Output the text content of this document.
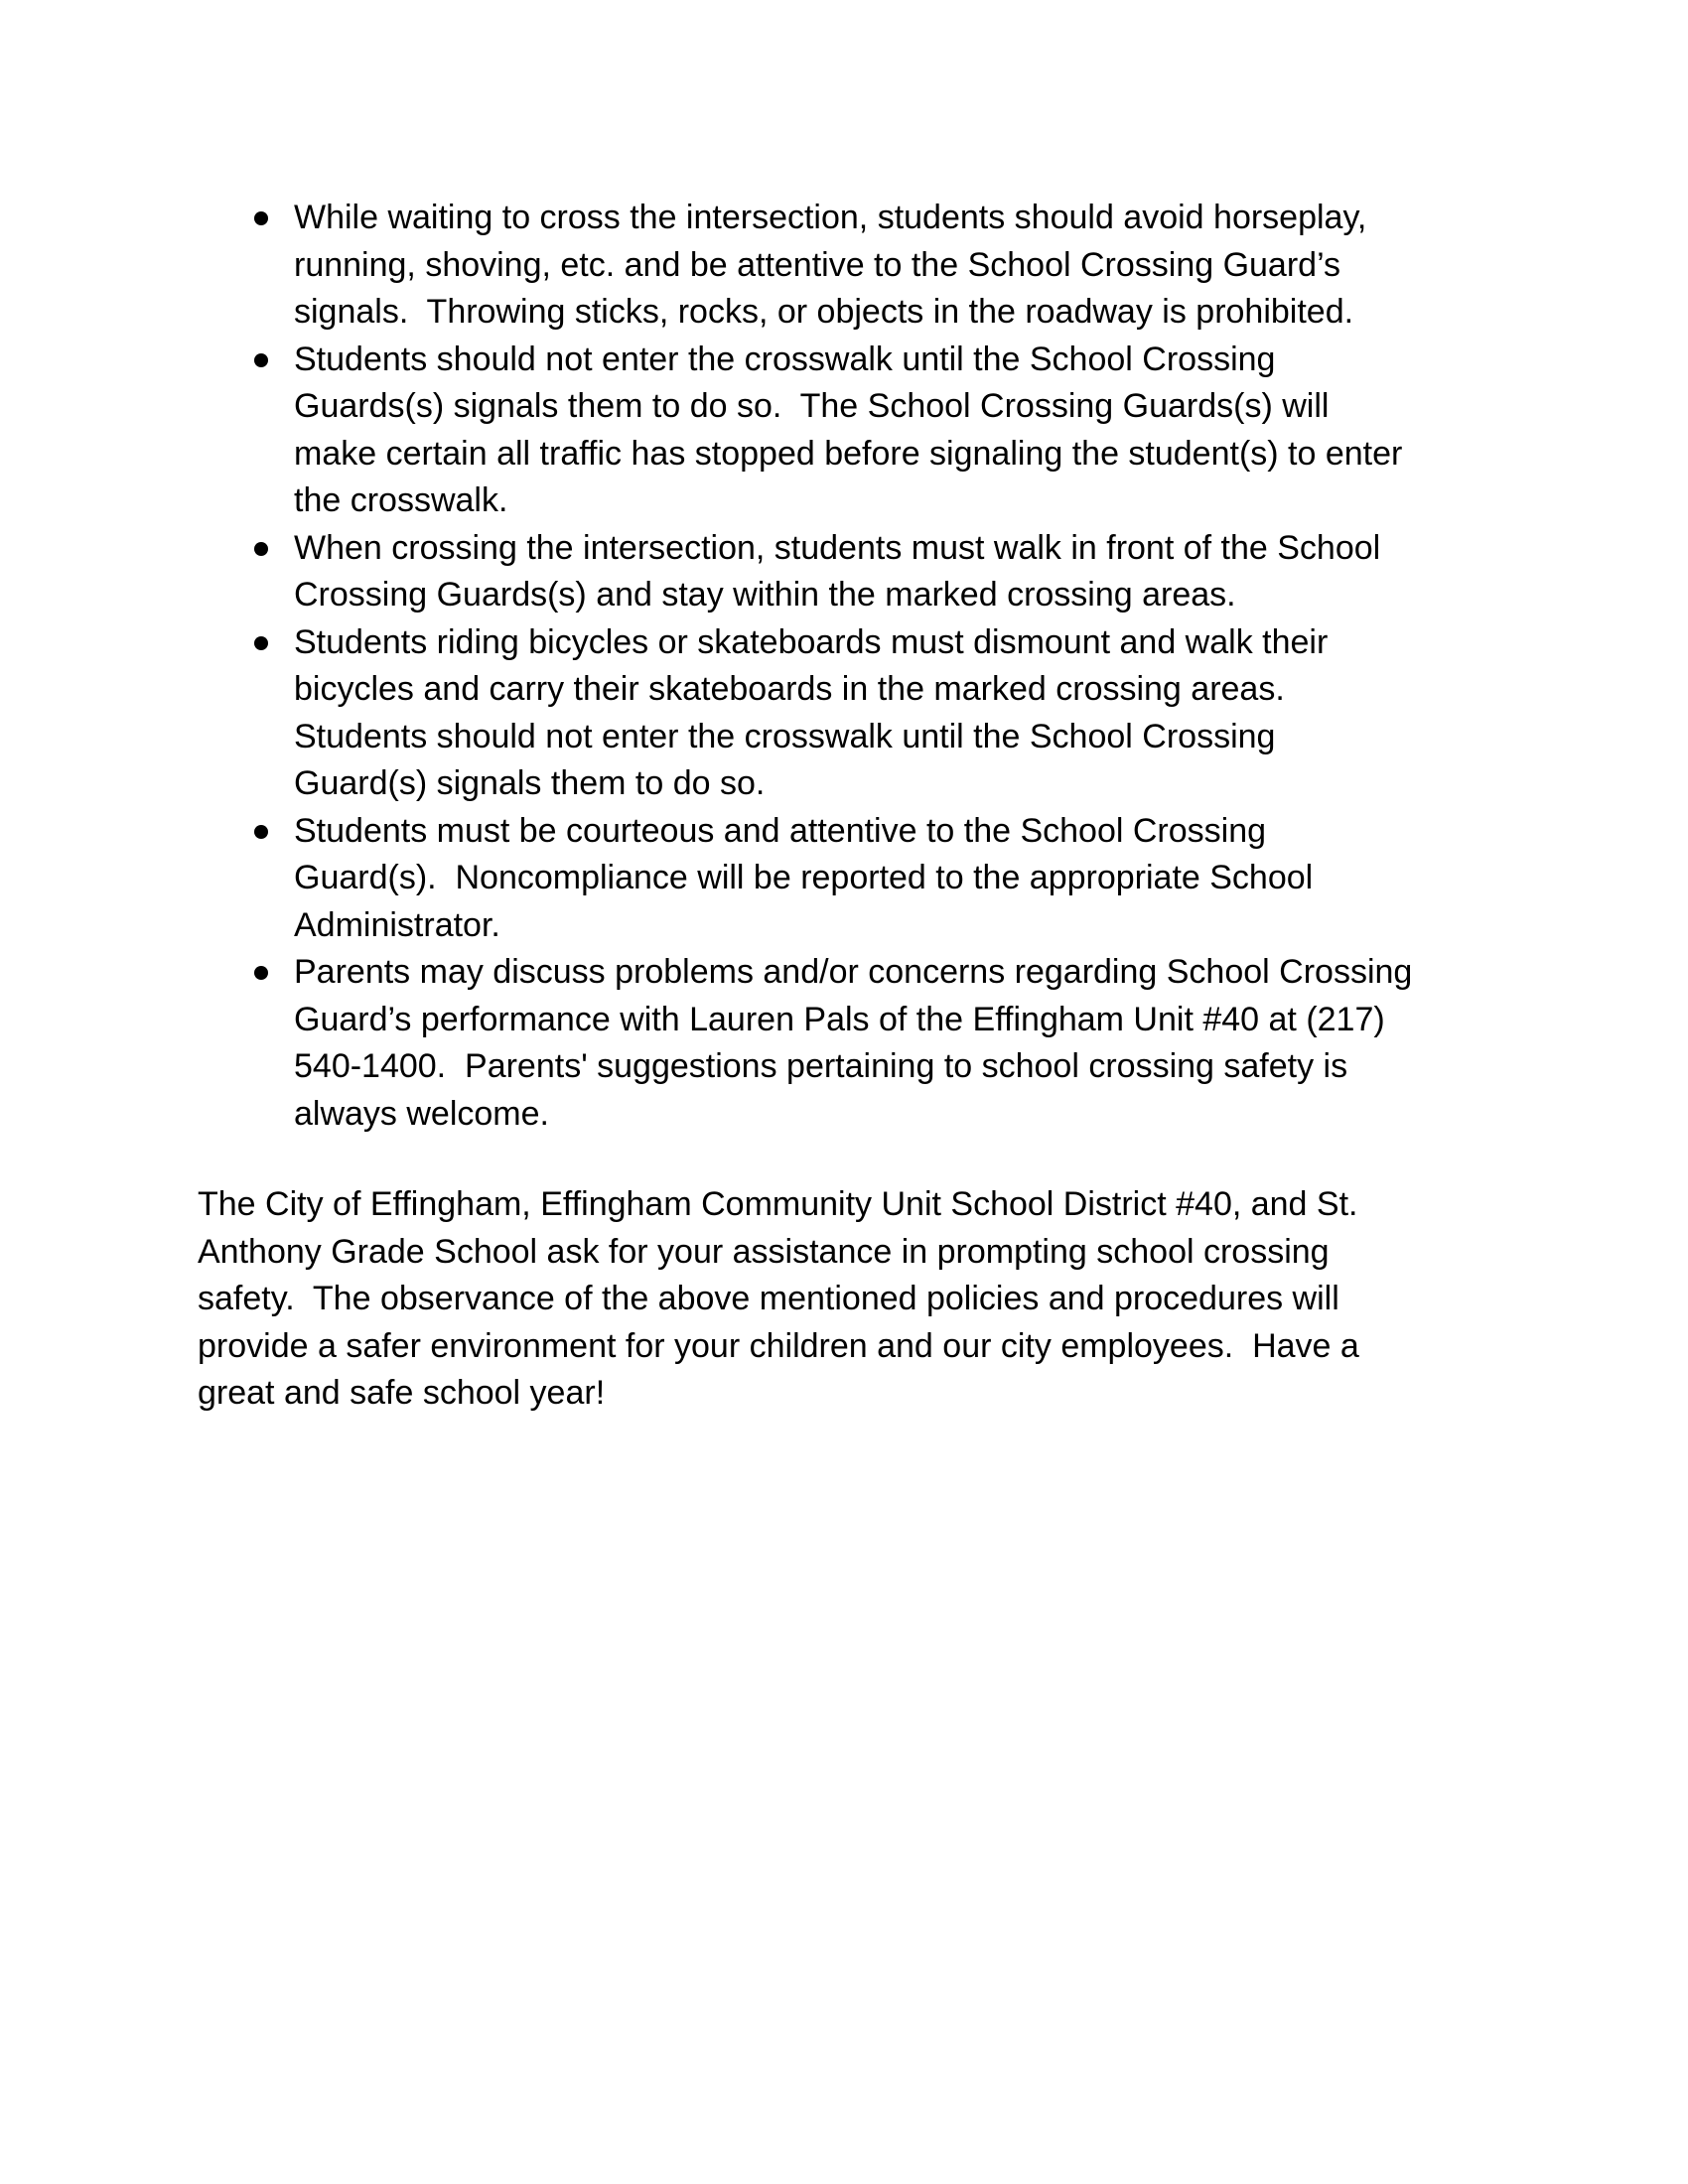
While waiting to cross the intersection, students should avoid horseplay,
running, shoving, etc. and be attentive to the School Crossing Guard’s
signals.  Throwing sticks, rocks, or objects in the roadway is prohibited.
Students should not enter the crosswalk until the School Crossing
Guards(s) signals them to do so.  The School Crossing Guards(s) will
make certain all traffic has stopped before signaling the student(s) to enter
the crosswalk.
When crossing the intersection, students must walk in front of the School
Crossing Guards(s) and stay within the marked crossing areas.
Students riding bicycles or skateboards must dismount and walk their
bicycles and carry their skateboards in the marked crossing areas.
Students should not enter the crosswalk until the School Crossing
Guard(s) signals them to do so.
Students must be courteous and attentive to the School Crossing
Guard(s).  Noncompliance will be reported to the appropriate School
Administrator.
Parents may discuss problems and/or concerns regarding School Crossing
Guard’s performance with Lauren Pals of the Effingham Unit #40 at (217)
540-1400.  Parents' suggestions pertaining to school crossing safety is
always welcome.
The City of Effingham, Effingham Community Unit School District #40, and St.
Anthony Grade School ask for your assistance in prompting school crossing
safety.  The observance of the above mentioned policies and procedures will
provide a safer environment for your children and our city employees.  Have a
great and safe school year!
